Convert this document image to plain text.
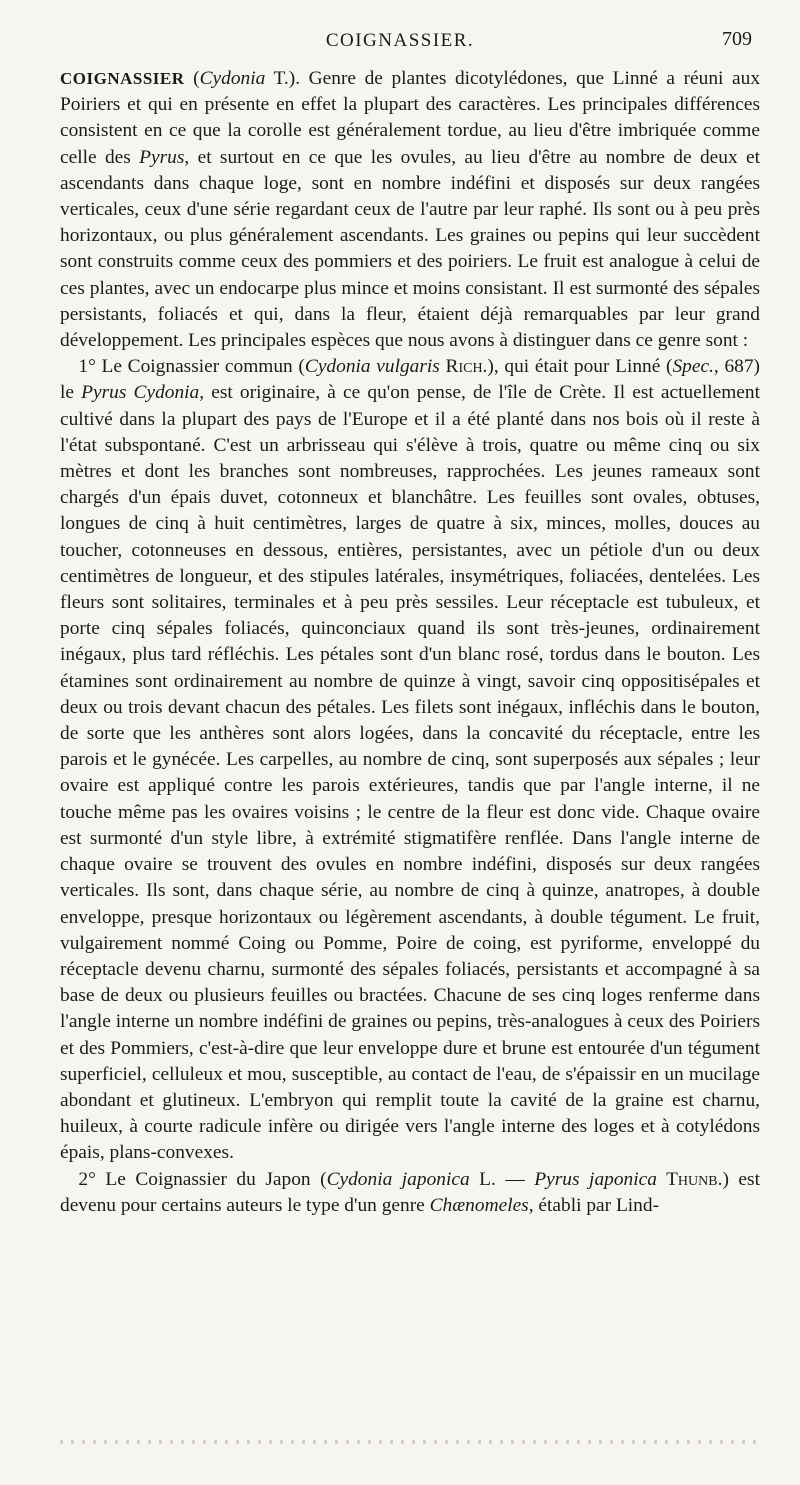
COIGNASSIER.	709

COIGNASSIER (Cydonia T.). Genre de plantes dicotylédones, que Linné a réuni aux Poiriers et qui en présente en effet la plupart des caractères. Les principales différences consistent en ce que la corolle est généralement tordue, au lieu d'être imbriquée comme celle des Pyrus, et surtout en ce que les ovules, au lieu d'être au nombre de deux et ascendants dans chaque loge, sont en nombre indéfini et disposés sur deux rangées verticales, ceux d'une série regardant ceux de l'autre par leur raphé. Ils sont ou à peu près horizontaux, ou plus généralement ascendants. Les graines ou pepins qui leur succèdent sont construits comme ceux des pommiers et des poiriers. Le fruit est analogue à celui de ces plantes, avec un endocarpe plus mince et moins consistant. Il est surmonté des sépales persistants, foliacés et qui, dans la fleur, étaient déjà remarquables par leur grand développement. Les principales espèces que nous avons à distinguer dans ce genre sont :

1° Le Coignassier commun (Cydonia vulgaris Rich.), qui était pour Linné (Spec., 687) le Pyrus Cydonia, est originaire, à ce qu'on pense, de l'île de Crète. Il est actuellement cultivé dans la plupart des pays de l'Europe et il a été planté dans nos bois où il reste à l'état subspontané. C'est un arbrisseau qui s'élève à trois, quatre ou même cinq ou six mètres et dont les branches sont nombreuses, rapprochées. Les jeunes rameaux sont chargés d'un épais duvet, cotonneux et blanchâtre. Les feuilles sont ovales, obtuses, longues de cinq à huit centimètres, larges de quatre à six, minces, molles, douces au toucher, cotonneuses en dessous, entières, persistantes, avec un pétiole d'un ou deux centimètres de longueur, et des stipules latérales, insymétriques, foliacées, dentelées. Les fleurs sont solitaires, terminales et à peu près sessiles. Leur réceptacle est tubuleux, et porte cinq sépales foliacés, quinconciaux quand ils sont très-jeunes, ordinairement inégaux, plus tard réfléchis. Les pétales sont d'un blanc rosé, tordus dans le bouton. Les étamines sont ordinairement au nombre de quinze à vingt, savoir cinq oppositisépales et deux ou trois devant chacun des pétales. Les filets sont inégaux, infléchis dans le bouton, de sorte que les anthères sont alors logées, dans la concavité du réceptacle, entre les parois et le gynécée. Les carpelles, au nombre de cinq, sont superposés aux sépales ; leur ovaire est appliqué contre les parois extérieures, tandis que par l'angle interne, il ne touche même pas les ovaires voisins ; le centre de la fleur est donc vide. Chaque ovaire est surmonté d'un style libre, à extrémité stigmatifère renflée. Dans l'angle interne de chaque ovaire se trouvent des ovules en nombre indéfini, disposés sur deux rangées verticales. Ils sont, dans chaque série, au nombre de cinq à quinze, anatropes, à double enveloppe, presque horizontaux ou légèrement ascendants, à double tégument. Le fruit, vulgairement nommé Coing ou Pomme, Poire de coing, est pyriforme, enveloppé du réceptacle devenu charnu, surmonté des sépales foliacés, persistants et accompagné à sa base de deux ou plusieurs feuilles ou bractées. Chacune de ses cinq loges renferme dans l'angle interne un nombre indéfini de graines ou pepins, très-analogues à ceux des Poiriers et des Pommiers, c'est-à-dire que leur enveloppe dure et brune est entourée d'un tégument superficiel, celluleux et mou, susceptible, au contact de l'eau, de s'épaissir en un mucilage abondant et glutineux. L'embryon qui remplit toute la cavité de la graine est charnu, huileux, à courte radicule infère ou dirigée vers l'angle interne des loges et à cotylédons épais, plans-convexes.

2° Le Coignassier du Japon (Cydonia japonica L. — Pyrus japonica Thunb.) est devenu pour certains auteurs le type d'un genre Chænomeles, établi par Lind-
